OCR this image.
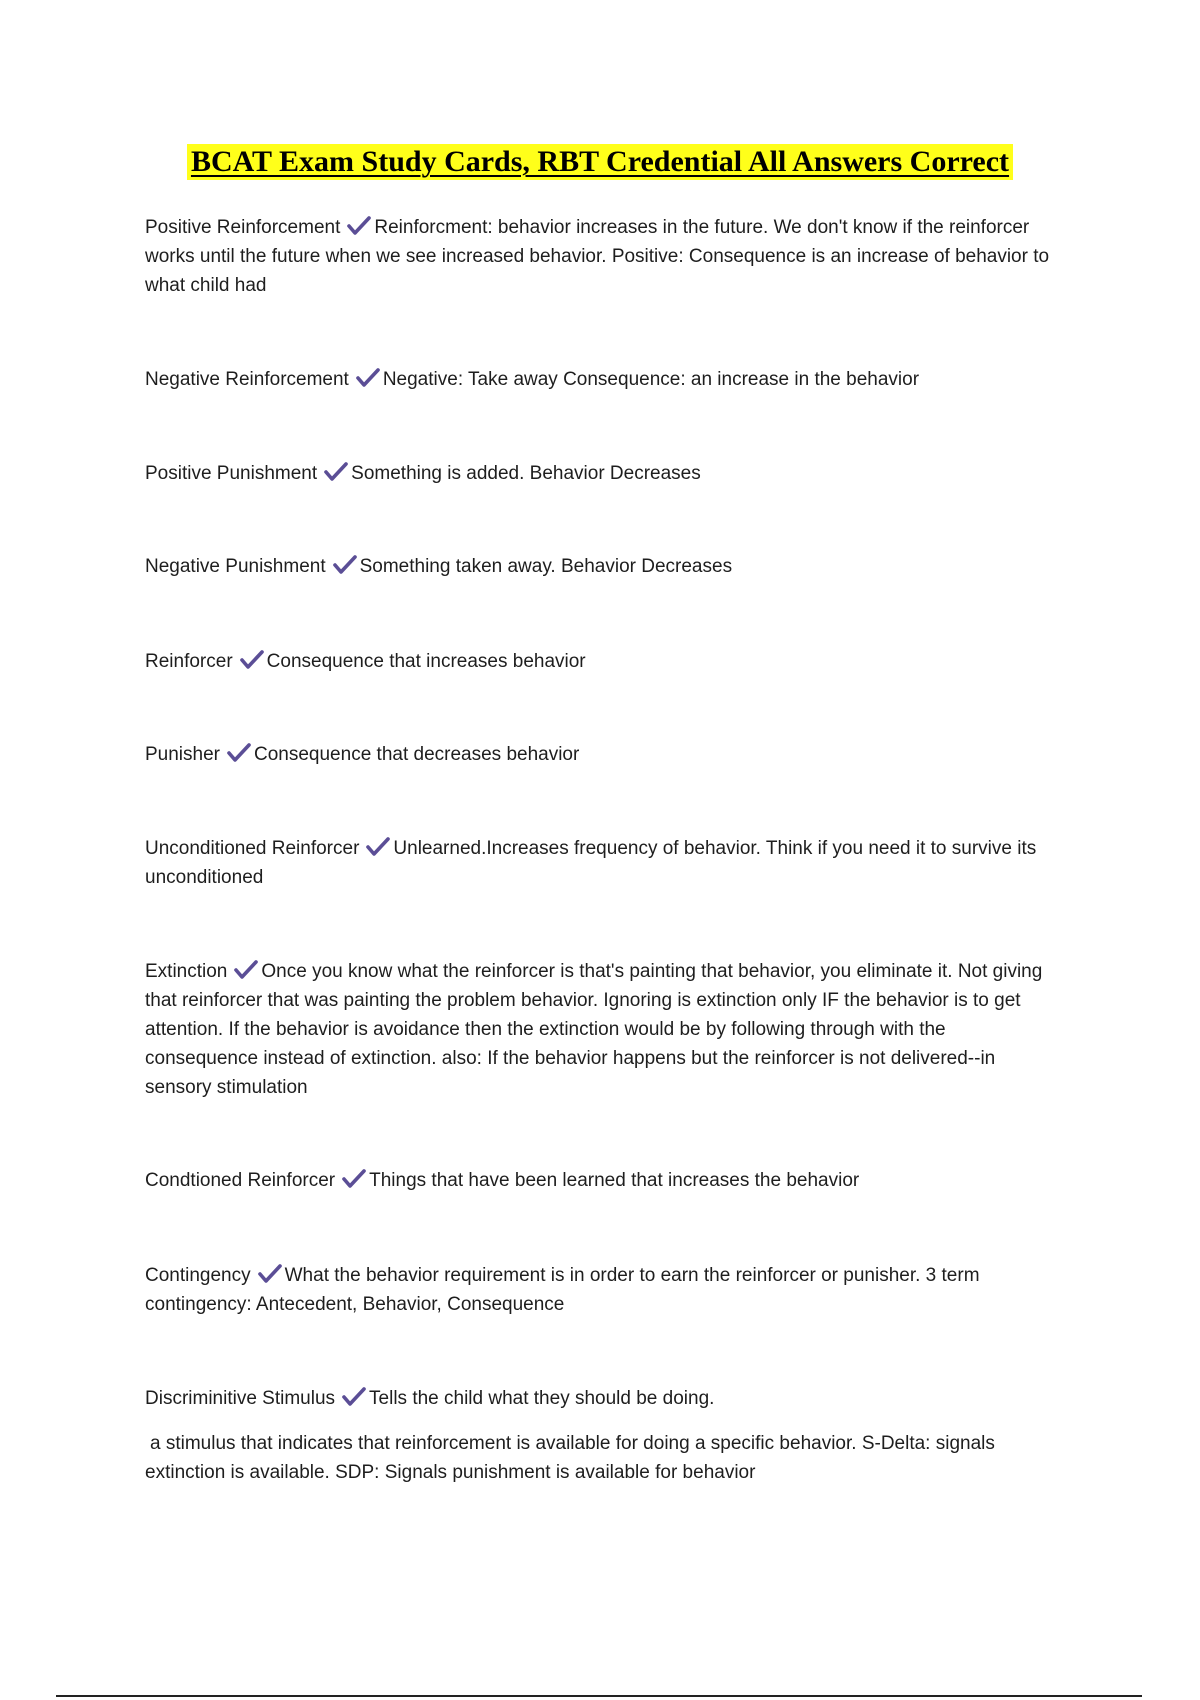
BCAT Exam Study Cards, RBT Credential All Answers Correct

Positive Reinforcement Reinforcment: behavior increases in the future. We don't know if the reinforcer works until the future when we see increased behavior. Positive: Consequence is an increase of behavior to what child had

Negative Reinforcement Negative: Take away Consequence: an increase in the behavior

Positive Punishment Something is added. Behavior Decreases

Negative Punishment Something taken away. Behavior Decreases

Reinforcer Consequence that increases behavior

Punisher Consequence that decreases behavior

Unconditioned Reinforcer Unlearned.Increases frequency of behavior. Think if you need it to survive its unconditioned

Extinction Once you know what the reinforcer is that's painting that behavior, you eliminate it. Not giving that reinforcer that was painting the problem behavior. Ignoring is extinction only IF the behavior is to get attention. If the behavior is avoidance then the extinction would be by following through with the consequence instead of extinction. also: If the behavior happens but the reinforcer is not delivered--in sensory stimulation

Condtioned Reinforcer Things that have been learned that increases the behavior

Contingency What the behavior requirement is in order to earn the reinforcer or punisher. 3 term contingency: Antecedent, Behavior, Consequence

Discriminitive Stimulus Tells the child what they should be doing.

a stimulus that indicates that reinforcement is available for doing a specific behavior. S-Delta: signals extinction is available. SDP: Signals punishment is available for behavior
